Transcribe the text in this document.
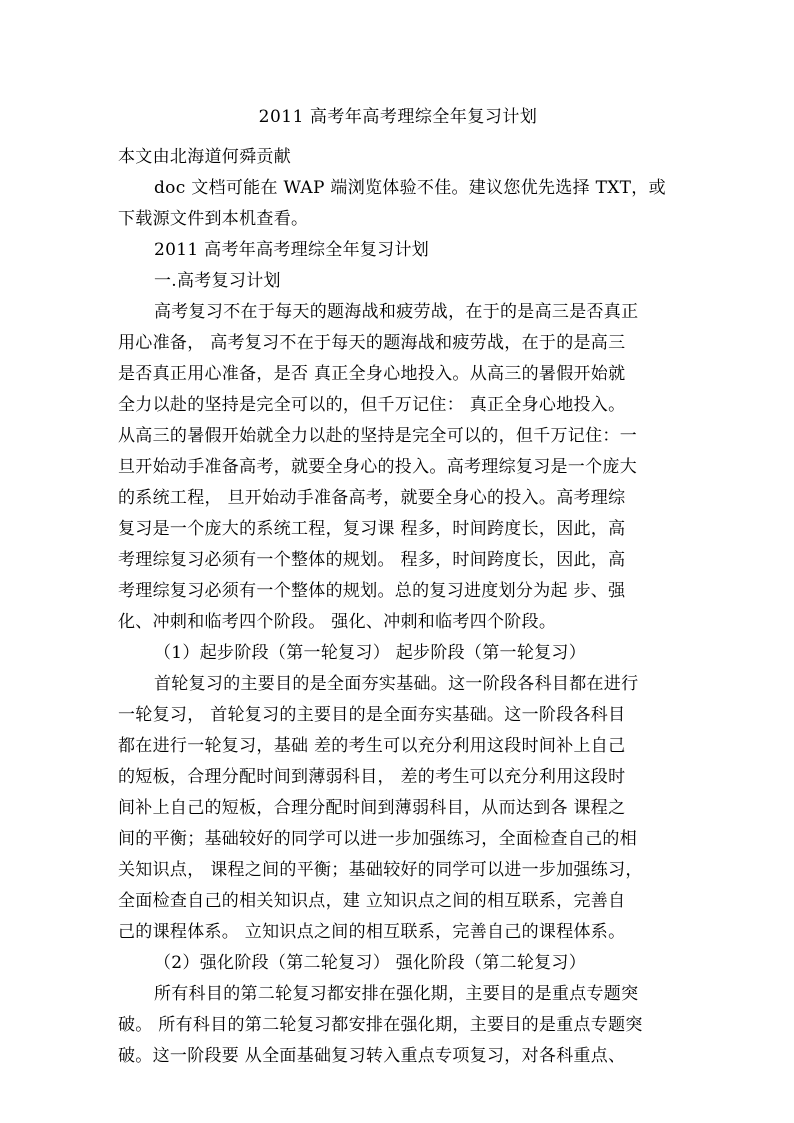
2011 高考年高考理综全年复习计划
本文由北海道何舜贡献
doc 文档可能在 WAP 端浏览体验不佳。建议您优先选择 TXT，或
下载源文件到本机查看。
2011 高考年高考理综全年复习计划
一.高考复习计划
高考复习不在于每天的题海战和疲劳战，在于的是高三是否真正
用心准备， 高考复习不在于每天的题海战和疲劳战，在于的是高三
是否真正用心准备，是否 真正全身心地投入。从高三的暑假开始就
全力以赴的坚持是完全可以的，但千万记住： 真正全身心地投入。
从高三的暑假开始就全力以赴的坚持是完全可以的，但千万记住：一
旦开始动手准备高考，就要全身心的投入。高考理综复习是一个庞大
的系统工程， 旦开始动手准备高考，就要全身心的投入。高考理综
复习是一个庞大的系统工程，复习课 程多，时间跨度长，因此，高
考理综复习必须有一个整体的规划。 程多，时间跨度长，因此，高
考理综复习必须有一个整体的规划。总的复习进度划分为起 步、强
化、冲刺和临考四个阶段。 强化、冲刺和临考四个阶段。
（1）起步阶段（第一轮复习） 起步阶段（第一轮复习）
首轮复习的主要目的是全面夯实基础。这一阶段各科目都在进行
一轮复习， 首轮复习的主要目的是全面夯实基础。这一阶段各科目
都在进行一轮复习，基础 差的考生可以充分利用这段时间补上自己
的短板，合理分配时间到薄弱科目， 差的考生可以充分利用这段时
间补上自己的短板，合理分配时间到薄弱科目，从而达到各 课程之
间的平衡；基础较好的同学可以进一步加强练习，全面检查自己的相
关知识点， 课程之间的平衡；基础较好的同学可以进一步加强练习，
全面检查自己的相关知识点，建 立知识点之间的相互联系，完善自
己的课程体系。 立知识点之间的相互联系，完善自己的课程体系。
（2）强化阶段（第二轮复习） 强化阶段（第二轮复习）
所有科目的第二轮复习都安排在强化期，主要目的是重点专题突
破。 所有科目的第二轮复习都安排在强化期，主要目的是重点专题突
破。这一阶段要 从全面基础复习转入重点专项复习，对各科重点、
